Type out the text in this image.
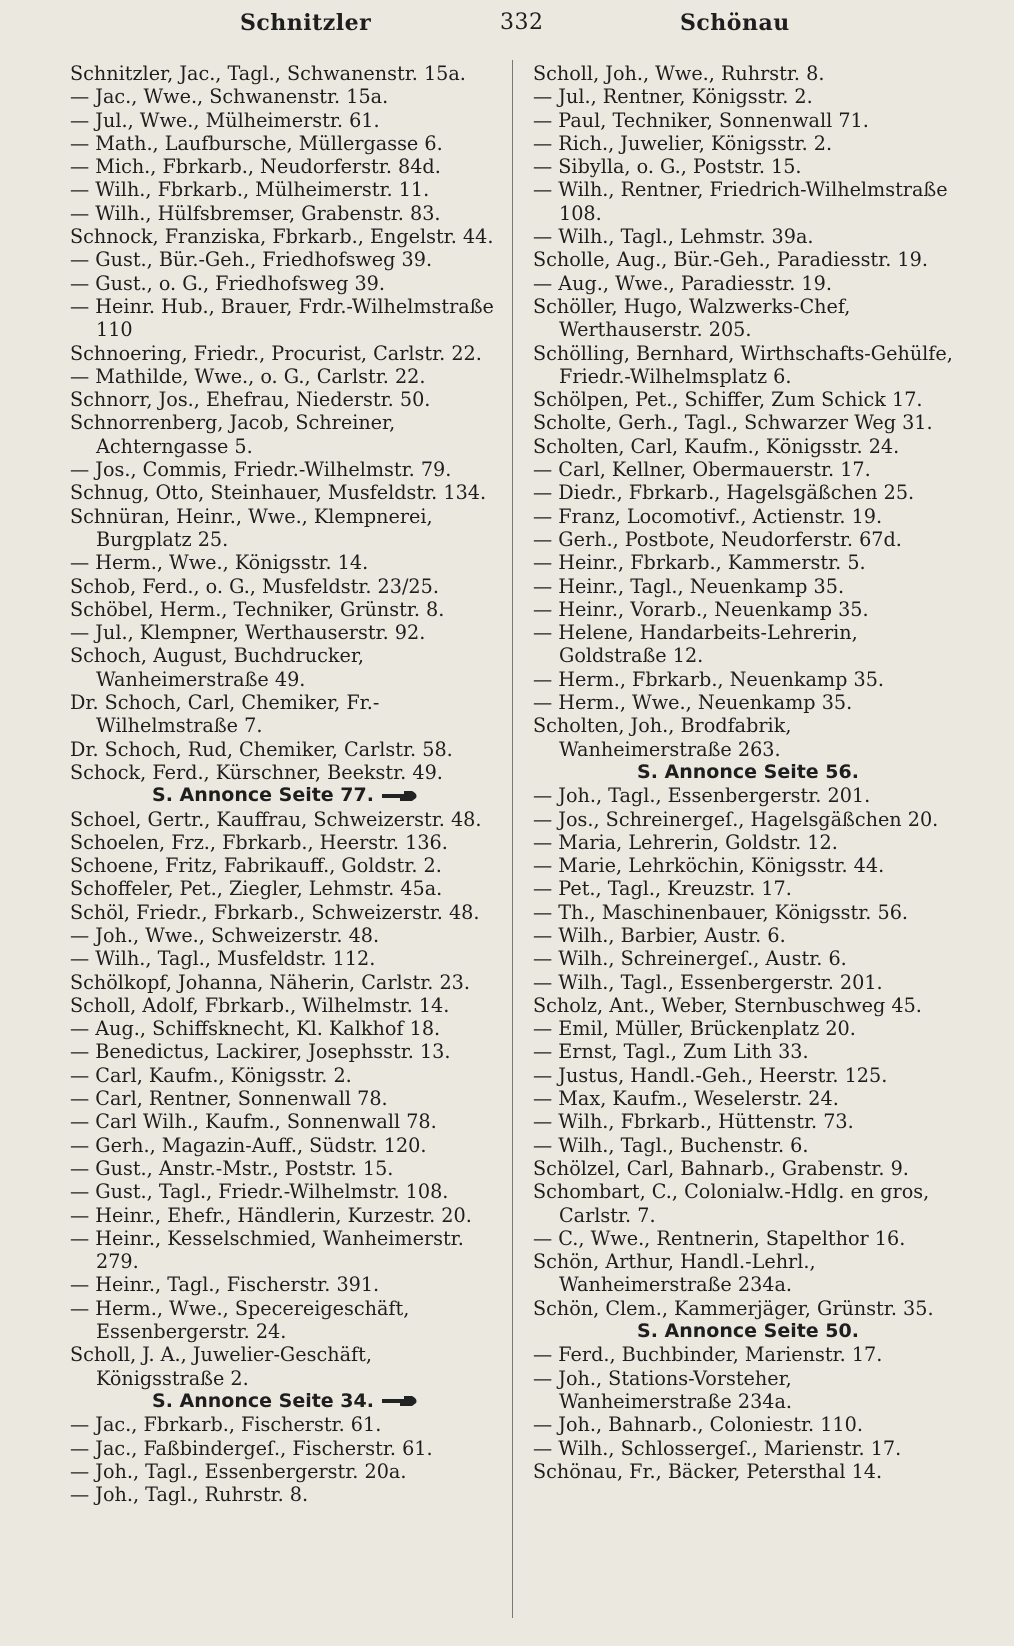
Schnitzler	332	Schönau
Schnitzler, Jac., Tagl., Schwanenstr. 15a.
— Jac., Wwe., Schwanenstr. 15a.
— Jul., Wwe., Mülheimerstr. 61.
— Math., Laufbursche, Müllergasse 6.
— Mich., Fbrkarb., Neudorferstr. 84d.
— Wilh., Fbrkarb., Mülheimerstr. 11.
— Wilh., Hülfsbremser, Grabenstr. 83.
Schnock, Franziska, Fbrkarb., Engelstr. 44.
— Gust., Bür.-Geh., Friedhofsweg 39.
— Gust., o. G., Friedhofsweg 39.
— Heinr. Hub., Brauer, Frdr.-Wilhelmstraße 110
Schnoering, Friedr., Procurist, Carlstr. 22.
— Mathilde, Wwe., o. G., Carlstr. 22.
Schnorr, Jos., Ehefrau, Niederstr. 50.
Schnorrenberg, Jacob, Schreiner, Achterngasse 5.
— Jos., Commis, Friedr.-Wilhelmstr. 79.
Schnug, Otto, Steinhauer, Musfeldstr. 134.
Schnüran, Heinr., Wwe., Klempnerei, Burgplatz 25.
— Herm., Wwe., Königsstr. 14.
Schob, Ferd., o. G., Musfeldstr. 23/25.
Schöbel, Herm., Techniker, Grünstr. 8.
— Jul., Klempner, Werthauserstr. 92.
Schoch, August, Buchdrucker, Wanheimerstraße 49.
Dr. Schoch, Carl, Chemiker, Fr.-Wilhelmstraße 7.
Dr. Schoch, Rud, Chemiker, Carlstr. 58.
Schock, Ferd., Kürschner, Beekstr. 49.
S. Annonce Seite 77.
Schoel, Gertr., Kauffrau, Schweizerstr. 48.
Schoelen, Frz., Fbrkarb., Heerstr. 136.
Schoene, Fritz, Fabrikauff., Goldstr. 2.
Schoffeler, Pet., Ziegler, Lehmstr. 45a.
Schöl, Friedr., Fbrkarb., Schweizerstr. 48.
— Joh., Wwe., Schweizerstr. 48.
— Wilh., Tagl., Musfeldstr. 112.
Schölkopf, Johanna, Näherin, Carlstr. 23.
Scholl, Adolf, Fbrkarb., Wilhelmstr. 14.
— Aug., Schiffsknecht, Kl. Kalkhof 18.
— Benedictus, Lackirer, Josephsstr. 13.
— Carl, Kaufm., Königsstr. 2.
— Carl, Rentner, Sonnenwall 78.
— Carl Wilh., Kaufm., Sonnenwall 78.
— Gerh., Magazin-Auff., Südstr. 120.
— Gust., Anstr.-Mstr., Poststr. 15.
— Gust., Tagl., Friedr.-Wilhelmstr. 108.
— Heinr., Ehefr., Händlerin, Kurzestr. 20.
— Heinr., Kesselschmied, Wanheimerstr. 279.
— Heinr., Tagl., Fischerstr. 391.
— Herm., Wwe., Specereigeschäft, Essenbergerstr. 24.
Scholl, J. A., Juwelier-Geschäft, Königsstraße 2.
S. Annonce Seite 34.
— Jac., Fbrkarb., Fischerstr. 61.
— Jac., Faßbindergeſ., Fischerstr. 61.
— Joh., Tagl., Essenbergerstr. 20a.
— Joh., Tagl., Ruhrstr. 8.
Scholl, Joh., Wwe., Ruhrstr. 8.
— Jul., Rentner, Königsstr. 2.
— Paul, Techniker, Sonnenwall 71.
— Rich., Juwelier, Königsstr. 2.
— Sibylla, o. G., Poststr. 15.
— Wilh., Rentner, Friedrich-Wilhelmstraße 108.
— Wilh., Tagl., Lehmstr. 39a.
Scholle, Aug., Bür.-Geh., Paradiesstr. 19.
— Aug., Wwe., Paradiesstr. 19.
Schöller, Hugo, Walzwerks-Chef, Werthauserstr. 205.
Schölling, Bernhard, Wirthschafts-Gehülfe, Friedr.-Wilhelmsplatz 6.
Schölpen, Pet., Schiffer, Zum Schick 17.
Scholte, Gerh., Tagl., Schwarzer Weg 31.
Scholten, Carl, Kaufm., Königsstr. 24.
— Carl, Kellner, Obermauerstr. 17.
— Diedr., Fbrkarb., Hagelsgäßchen 25.
— Franz, Locomotivf., Actienstr. 19.
— Gerh., Postbote, Neudorferstr. 67d.
— Heinr., Fbrkarb., Kammerstr. 5.
— Heinr., Tagl., Neuenkamp 35.
— Heinr., Vorarb., Neuenkamp 35.
— Helene, Handarbeits-Lehrerin, Goldstraße 12.
— Herm., Fbrkarb., Neuenkamp 35.
— Herm., Wwe., Neuenkamp 35.
Scholten, Joh., Brodfabrik, Wanheimerstraße 263.
S. Annonce Seite 56.
— Joh., Tagl., Essenbergerstr. 201.
— Jos., Schreinergeſ., Hagelsgäßchen 20.
— Maria, Lehrerin, Goldstr. 12.
— Marie, Lehrköchin, Königsstr. 44.
— Pet., Tagl., Kreuzstr. 17.
— Th., Maschinenbauer, Königsstr. 56.
— Wilh., Barbier, Austr. 6.
— Wilh., Schreinergeſ., Austr. 6.
— Wilh., Tagl., Essenbergerstr. 201.
Scholz, Ant., Weber, Sternbuschweg 45.
— Emil, Müller, Brückenplatz 20.
— Ernst, Tagl., Zum Lith 33.
— Justus, Handl.-Geh., Heerstr. 125.
— Max, Kaufm., Weselerstr. 24.
— Wilh., Fbrkarb., Hüttenstr. 73.
— Wilh., Tagl., Buchenstr. 6.
Schölzel, Carl, Bahnarb., Grabenstr. 9.
Schombart, C., Colonialw.-Hdlg. en gros, Carlstr. 7.
— C., Wwe., Rentnerin, Stapelthor 16.
Schön, Arthur, Handl.-Lehrl., Wanheimerstraße 234a.
Schön, Clem., Kammerjäger, Grünstr. 35.
S. Annonce Seite 50.
— Ferd., Buchbinder, Marienstr. 17.
— Joh., Stations-Vorsteher, Wanheimerstraße 234a.
— Joh., Bahnarb., Coloniestr. 110.
— Wilh., Schlossergeſ., Marienstr. 17.
Schönau, Fr., Bäcker, Petersthal 14.
